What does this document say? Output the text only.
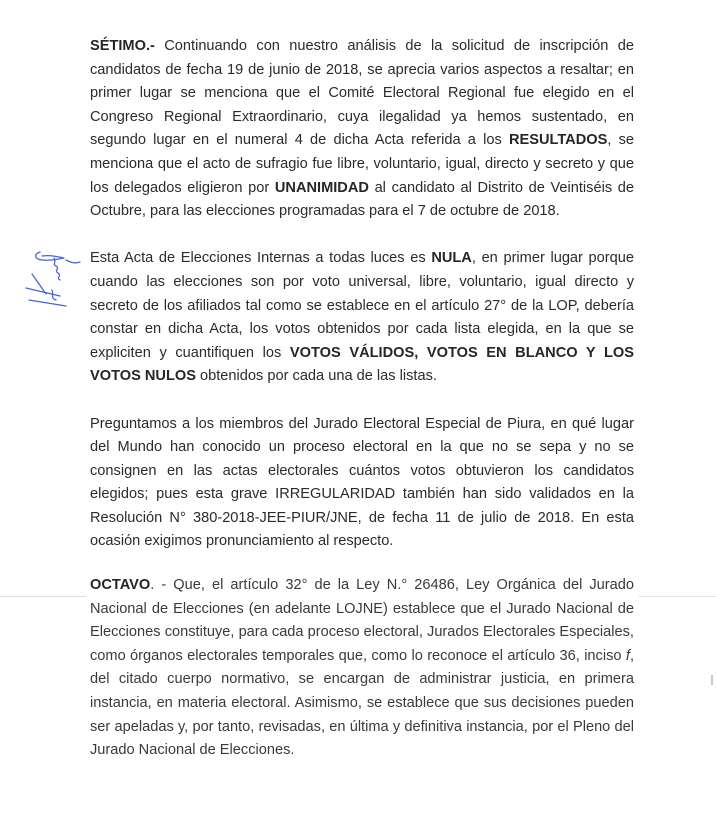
SÉTIMO.- Continuando con nuestro análisis de la solicitud de inscripción de candidatos de fecha 19 de junio de 2018, se aprecia varios aspectos a resaltar; en primer lugar se menciona que el Comité Electoral Regional fue elegido en el Congreso Regional Extraordinario, cuya ilegalidad ya hemos sustentado, en segundo lugar en el numeral 4 de dicha Acta referida a los RESULTADOS, se menciona que el acto de sufragio fue libre, voluntario, igual, directo y secreto y que los delegados eligieron por UNANIMIDAD al candidato al Distrito de Veintiséis de Octubre, para las elecciones programadas para el 7 de octubre de 2018.

Esta Acta de Elecciones Internas a todas luces es NULA, en primer lugar porque cuando las elecciones son por voto universal, libre, voluntario, igual directo y secreto de los afiliados tal como se establece en el artículo 27° de la LOP, debería constar en dicha Acta, los votos obtenidos por cada lista elegida, en la que se expliciten y cuantifiquen los VOTOS VÁLIDOS, VOTOS EN BLANCO Y LOS VOTOS NULOS obtenidos por cada una de las listas.

Preguntamos a los miembros del Jurado Electoral Especial de Piura, en qué lugar del Mundo han conocido un proceso electoral en la que no se sepa y no se consignen en las actas electorales cuántos votos obtuvieron los candidatos elegidos; pues esta grave IRREGULARIDAD también han sido validados en la Resolución N° 380-2018-JEE-PIUR/JNE, de fecha 11 de julio de 2018. En esta ocasión exigimos pronunciamiento al respecto.

OCTAVO. - Que, el artículo 32° de la Ley N.° 26486, Ley Orgánica del Jurado Nacional de Elecciones (en adelante LOJNE) establece que el Jurado Nacional de Elecciones constituye, para cada proceso electoral, Jurados Electorales Especiales, como órganos electorales temporales que, como lo reconoce el artículo 36, inciso f, del citado cuerpo normativo, se encargan de administrar justicia, en primera instancia, en materia electoral. Asimismo, se establece que sus decisiones pueden ser apeladas y, por tanto, revisadas, en última y definitiva instancia, por el Pleno del Jurado Nacional de Elecciones.
